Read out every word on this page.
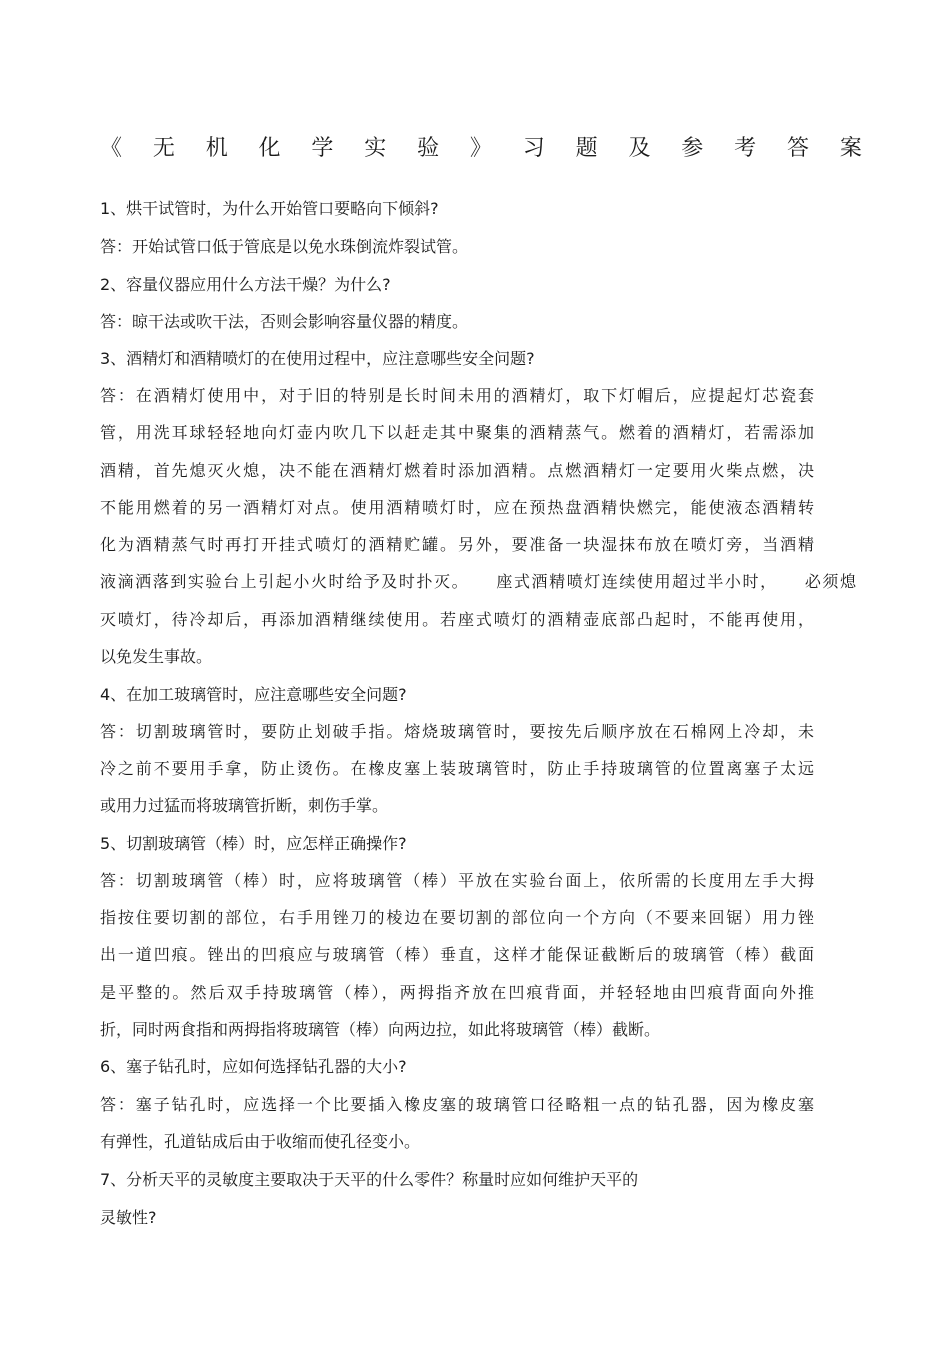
《 无 机 化 学 实 验 》 习 题 及 参 考 答 案
1、烘干试管时，为什么开始管口要略向下倾斜?
答：开始试管口低于管底是以免水珠倒流炸裂试管。
2、容量仪器应用什么方法干燥？为什么?
答：晾干法或吹干法，否则会影响容量仪器的精度。
3、酒精灯和酒精喷灯的在使用过程中，应注意哪些安全问题?
答：在酒精灯使用中，对于旧的特别是长时间未用的酒精灯，取下灯帽后，应提起灯芯瓷套
管，用洗耳球轻轻地向灯壶内吹几下以赶走其中聚集的酒精蒸气。燃着的酒精灯，若需添加
酒精，首先熄灭火熄，决不能在酒精灯燃着时添加酒精。点燃酒精灯一定要用火柴点燃，决
不能用燃着的另一酒精灯对点。使用酒精喷灯时，应在预热盘酒精快燃完，能使液态酒精转
化为酒精蒸气时再打开挂式喷灯的酒精贮罐。另外，要准备一块湿抹布放在喷灯旁，当酒精
液滴洒落到实验台上引起小火时给予及时扑灭。　　座式酒精喷灯连续使用超过半小时，　　必须熄
灭喷灯，待冷却后，再添加酒精继续使用。若座式喷灯的酒精壶底部凸起时，不能再使用，
以免发生事故。
4、在加工玻璃管时，应注意哪些安全问题?
答：切割玻璃管时，要防止划破手指。熔烧玻璃管时，要按先后顺序放在石棉网上冷却，未
冷之前不要用手拿，防止烫伤。在橡皮塞上装玻璃管时，防止手持玻璃管的位置离塞子太远
或用力过猛而将玻璃管折断，刺伤手掌。
5、切割玻璃管（棒）时，应怎样正确操作?
答：切割玻璃管（棒）时，应将玻璃管（棒）平放在实验台面上，依所需的长度用左手大拇
指按住要切割的部位，右手用锉刀的棱边在要切割的部位向一个方向（不要来回锯）用力锉
出一道凹痕。锉出的凹痕应与玻璃管（棒）垂直，这样才能保证截断后的玻璃管（棒）截面
是平整的。然后双手持玻璃管（棒），两拇指齐放在凹痕背面，并轻轻地由凹痕背面向外推
折，同时两食指和两拇指将玻璃管（棒）向两边拉，如此将玻璃管（棒）截断。
6、塞子钻孔时，应如何选择钻孔器的大小?
答：塞子钻孔时，应选择一个比要插入橡皮塞的玻璃管口径略粗一点的钻孔器，因为橡皮塞
有弹性，孔道钻成后由于收缩而使孔径变小。
7、分析天平的灵敏度主要取决于天平的什么零件？称量时应如何维护天平的
灵敏性?
